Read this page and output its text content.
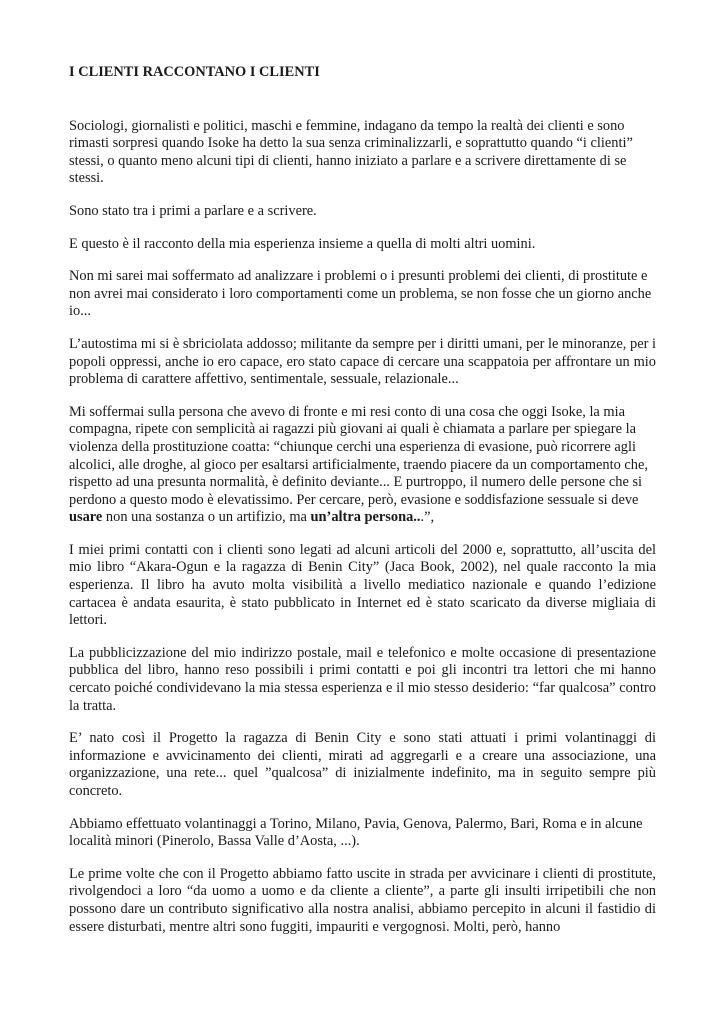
I CLIENTI RACCONTANO I CLIENTI
Sociologi, giornalisti e politici, maschi e femmine, indagano da tempo la realtà dei clienti e sono rimasti sorpresi quando Isoke ha detto la sua senza criminalizzarli, e soprattutto quando “i clienti” stessi, o quanto meno alcuni tipi di clienti, hanno iniziato a parlare e a scrivere direttamente di se stessi.
Sono stato tra i primi a parlare e a scrivere.
E questo è il racconto della mia esperienza insieme a quella di molti altri uomini.
Non mi sarei mai soffermato ad analizzare i problemi o i presunti problemi dei clienti, di prostitute e non avrei mai considerato i loro comportamenti come un problema, se non fosse che un giorno anche io...
L’autostima mi si è sbriciolata addosso; militante da sempre per i diritti umani, per le minoranze, per i popoli oppressi, anche io ero capace, ero stato capace di cercare una scappatoia per affrontare un mio problema di carattere affettivo, sentimentale, sessuale, relazionale...
Mi soffermai sulla persona che avevo di fronte e mi resi conto di una cosa che oggi Isoke, la mia compagna, ripete con semplicità ai ragazzi più giovani ai quali è chiamata a parlare per spiegare la violenza della prostituzione coatta: “chiunque cerchi una esperienza di evasione, può ricorrere agli alcolici, alle droghe, al gioco per esaltarsi artificialmente, traendo piacere da un comportamento che, rispetto ad una presunta normalità, è definito deviante... E purtroppo, il numero delle persone che si perdono a questo modo è elevatissimo. Per cercare, però, evasione e soddisfazione sessuale si deve usare non una sostanza o un artifizio, ma un’altra persona...”,
I miei primi contatti con i clienti sono legati ad alcuni articoli del 2000 e, soprattutto, all’uscita del mio libro “Akara-Ogun e la ragazza di Benin City” (Jaca Book, 2002), nel quale racconto la mia esperienza. Il libro ha avuto molta visibilità a livello mediatico nazionale e quando l’edizione cartacea è andata esaurita, è stato pubblicato in Internet ed è stato scaricato da diverse migliaia di lettori.
La pubblicizzazione del mio indirizzo postale, mail e telefonico e molte occasione di presentazione pubblica del libro, hanno reso possibili i primi contatti e poi gli incontri tra lettori che mi hanno cercato poiché condividevano la mia stessa esperienza e il mio stesso desiderio: “far qualcosa” contro la tratta.
E’ nato così il Progetto la ragazza di Benin City e sono stati attuati i primi volantinaggi di informazione e avvicinamento dei clienti, mirati ad aggregarli e a creare una associazione, una organizzazione, una rete... quel ”qualcosa” di inizialmente indefinito, ma in seguito sempre più concreto.
Abbiamo effettuato volantinaggi a Torino, Milano, Pavia, Genova, Palermo, Bari, Roma e in alcune località minori (Pinerolo, Bassa Valle d’Aosta, ...).
Le prime volte che con il Progetto abbiamo fatto uscite in strada per avvicinare i clienti di prostitute, rivolgendoci a loro “da uomo a uomo e da cliente a cliente”, a parte gli insulti irripetibili che non possono dare un contributo significativo alla nostra analisi, abbiamo percepito in alcuni il fastidio di essere disturbati, mentre altri sono fuggiti, impauriti e vergognosi. Molti, però, hanno
